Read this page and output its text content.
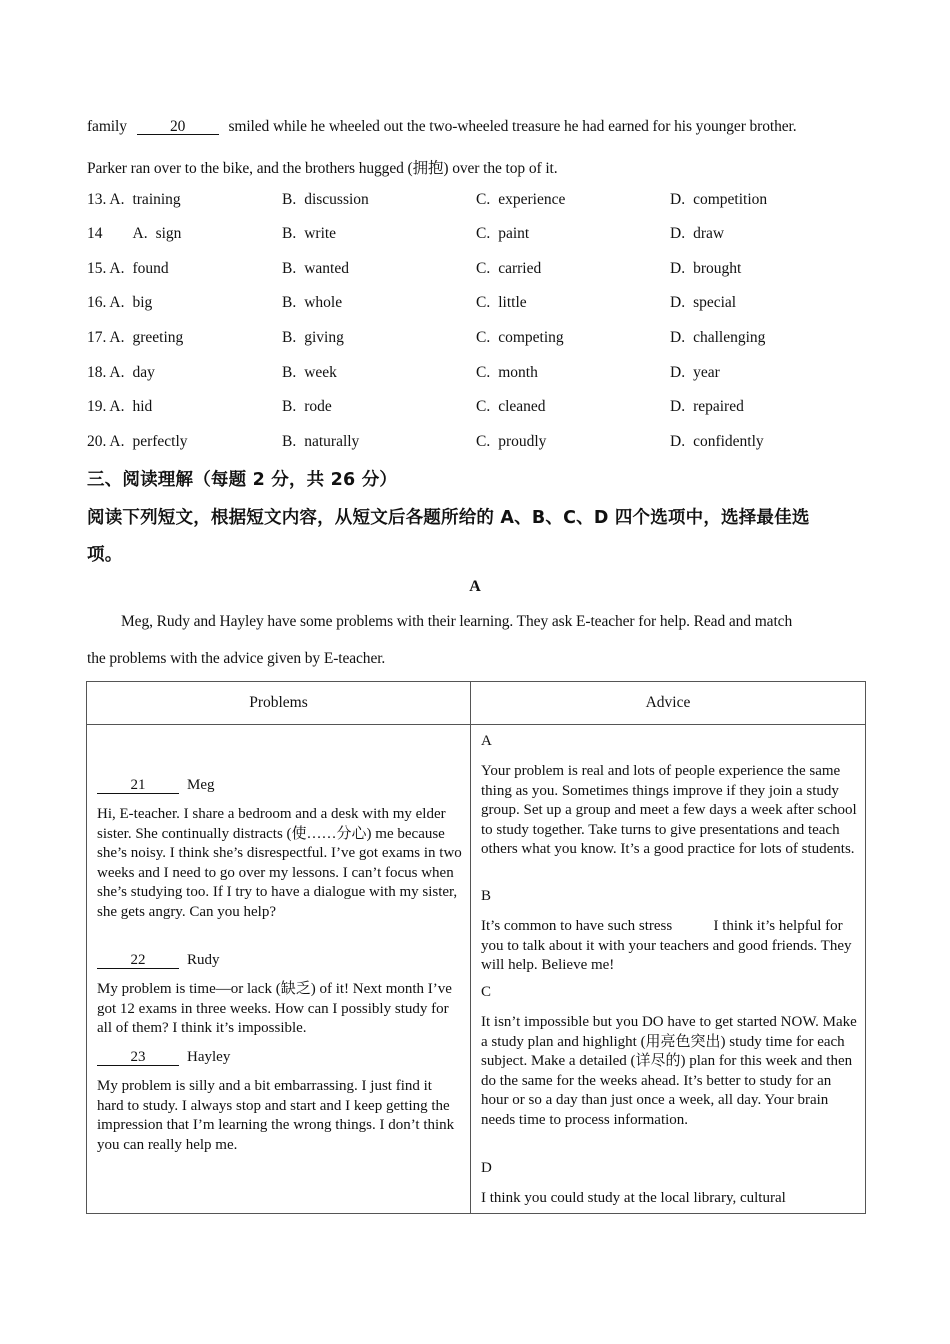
family	20	smiled while he wheeled out the two-wheeled treasure he had earned for his younger brother.
Parker ran over to the bike, and the brothers hugged (拥抱) over the top of it.
13. A. training	B. discussion	C. experience	D. competition
14 A. sign	B. write	C. paint	D. draw
15. A. found	B. wanted	C. carried	D. brought
16. A. big	B. whole	C. little	D. special
17. A. greeting	B. giving	C. competing	D. challenging
18. A. day	B. week	C. month	D. year
19. A. hid	B. rode	C. cleaned	D. repaired
20. A. perfectly	B. naturally	C. proudly	D. confidently
三、阅读理解（每题 2 分，共 26 分）
阅读下列短文，根据短文内容，从短文后各题所给的 A、B、C、D 四个选项中，选择最佳选
项。
A
Meg, Rudy and Hayley have some problems with their learning. They ask E-teacher for help. Read and match
the problems with the advice given by E-teacher.
Problems	Advice

21	Meg
Hi, E-teacher. I share a bedroom and a desk with my elder sister. She continually distracts (使……分心) me because she’s noisy. I think she’s disrespectful. I’ve got exams in two weeks and I need to go over my lessons. I can’t focus when she’s studying too. If I try to have a dialogue with my sister, she gets angry. Can you help?
22	Rudy
My problem is time—or lack (缺乏) of it! Next month I’ve got 12 exams in three weeks. How can I possibly study for all of them? I think it’s impossible.
23	Hayley
My problem is silly and a bit embarrassing. I just find it hard to study. I always stop and start and I keep getting the impression that I’m learning the wrong things. I don’t think you can really help me.

A
Your problem is real and lots of people experience the same thing as you. Sometimes things improve if they join a study group. Set up a group and meet a few days a week after school to study together. Take turns to give presentations and teach others what you know. It’s a good practice for lots of students.
B
It’s common to have such stress           I think it’s helpful for you to talk about it with your teachers and good friends. They will help. Believe me!
C
It isn’t impossible but you DO have to get started NOW. Make a study plan and highlight (用亮色突出) study time for each subject. Make a detailed (详尽的) plan for this week and then do the same for the weeks ahead. It’s better to study for an hour or so a day than just once a week, all day. Your brain needs time to process information.
D
I think you could study at the local library, cultural
